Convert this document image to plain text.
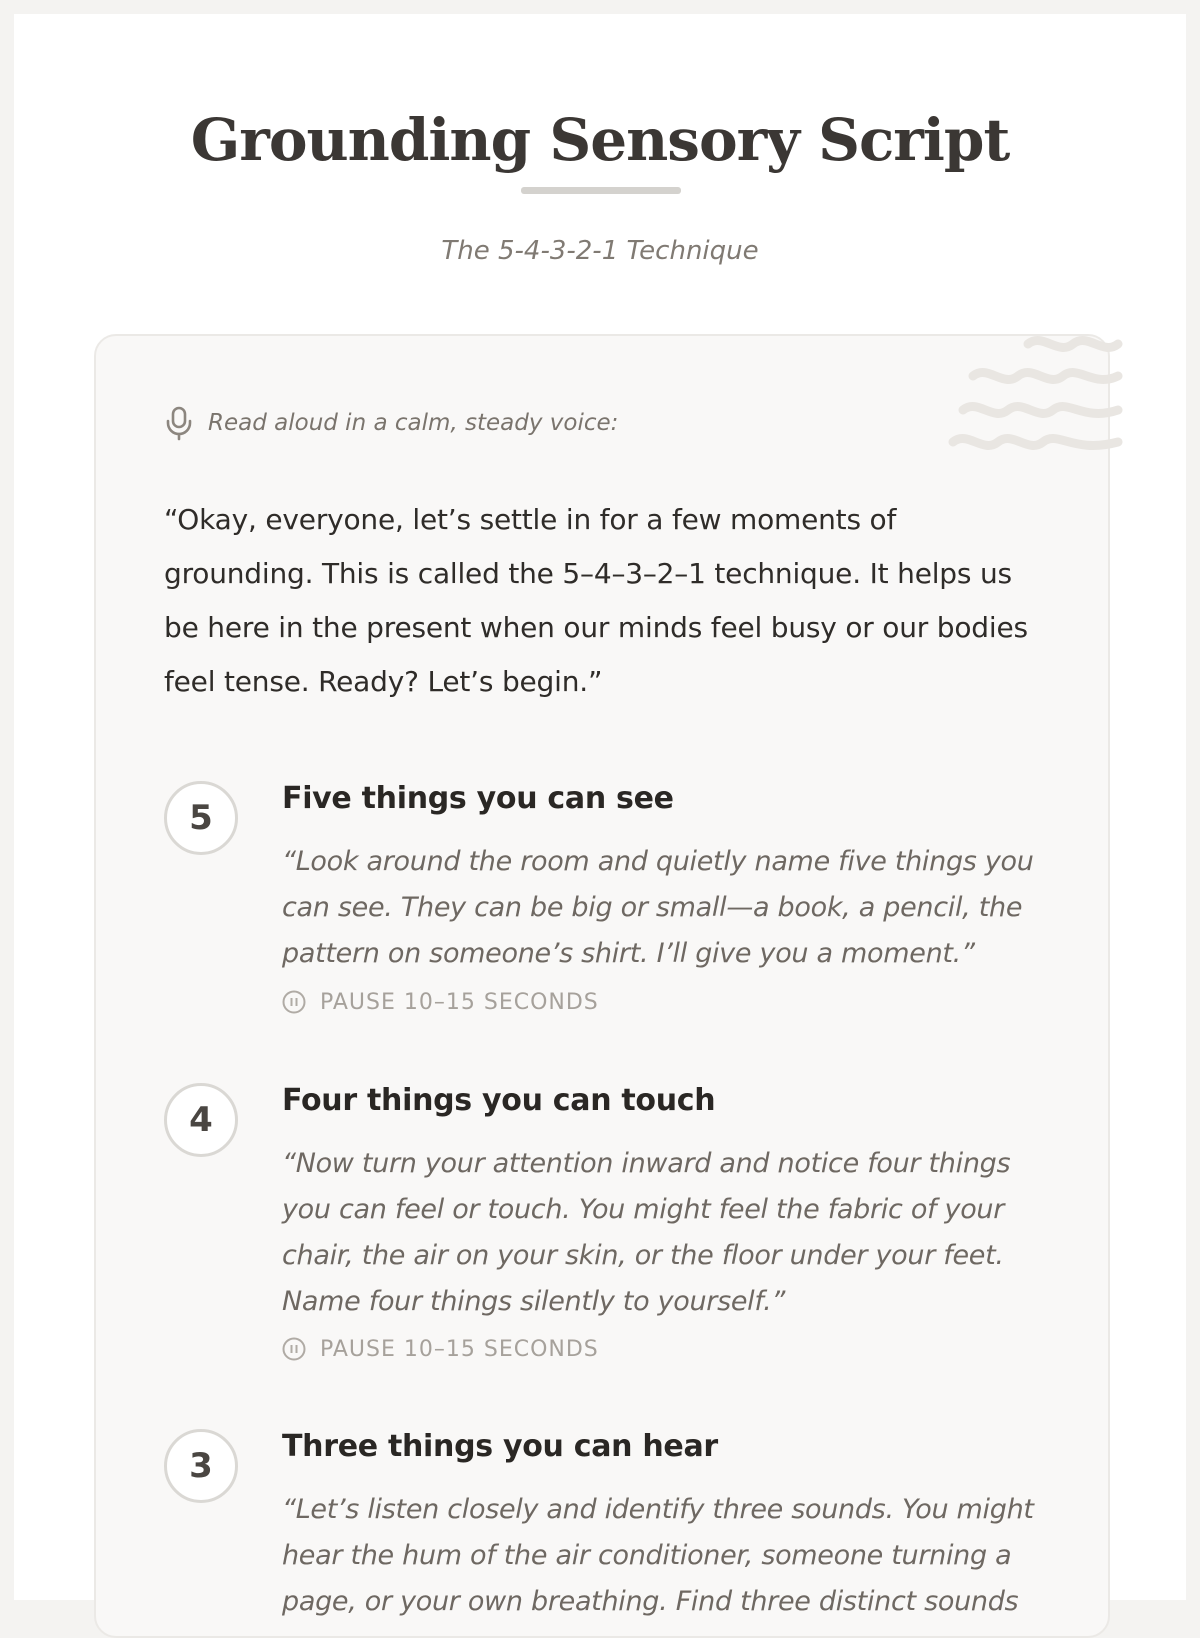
Grounding Sensory Script
The 5-4-3-2-1 Technique
Read aloud in a calm, steady voice:

“Okay, everyone, let’s settle in for a few moments of grounding. This is called the 5–4–3–2–1 technique. It helps us be here in the present when our minds feel busy or our bodies feel tense. Ready? Let’s begin.”

5	Five things you can see

“Look around the room and quietly name five things you can see. They can be big or small—a book, a pencil, the pattern on someone’s shirt. I’ll give you a moment.”

PAUSE 10–15 SECONDS
4	Four things you can touch

“Now turn your attention inward and notice four things you can feel or touch. You might feel the fabric of your chair, the air on your skin, or the floor under your feet. Name four things silently to yourself.”

PAUSE 10–15 SECONDS
3	Three things you can hear

“Let’s listen closely and identify three sounds. You might hear the hum of the air conditioner, someone turning a page, or your own breathing. Find three distinct sounds
